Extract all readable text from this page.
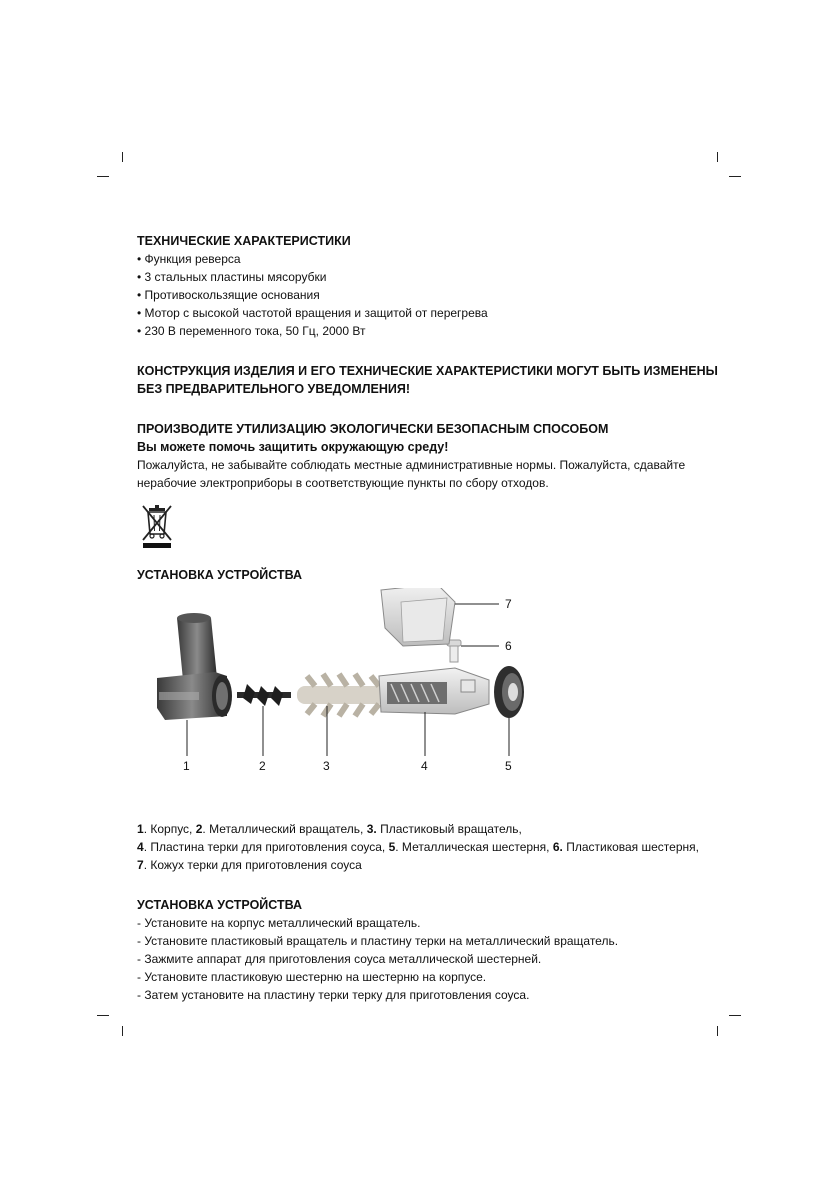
ТЕХНИЧЕСКИЕ ХАРАКТЕРИСТИКИ

• Функция реверса
• 3 стальных пластины мясорубки
• Противоскользящие основания
• Мотор с высокой частотой вращения и защитой от перегрева
• 230 В переменного тока, 50 Гц, 2000 Вт

КОНСТРУКЦИЯ ИЗДЕЛИЯ И ЕГО ТЕХНИЧЕСКИЕ ХАРАКТЕРИСТИКИ МОГУТ БЫТЬ ИЗМЕНЕНЫ

БЕЗ ПРЕДВАРИТЕЛЬНОГО УВЕДОМЛЕНИЯ!

ПРОИЗВОДИТЕ УТИЛИЗАЦИЮ ЭКОЛОГИЧЕСКИ БЕЗОПАСНЫМ СПОСОБОМ

Вы можете помочь защитить окружающую среду!

Пожалуйста, не забывайте соблюдать местные административные нормы. Пожалуйста, сдавайте

нерабочие электроприборы в соответствующие пункты по сбору отходов.

УСТАНОВКА УСТРОЙСТВА

1	2	3	4	5
6
7

1. Корпус, 2. Металлический вращатель, 3. Пластиковый вращатель,

4. Пластина терки для приготовления соуса, 5. Металлическая шестерня, 6. Пластиковая шестерня,

7. Кожух терки для приготовления соуса

УСТАНОВКА УСТРОЙСТВА

- Установите на корпус металлический вращатель.
- Установите пластиковый вращатель и пластину терки на металлический вращатель.
- Зажмите аппарат для приготовления соуса металлической шестерней.
- Установите пластиковую шестерню на шестерню на корпусе.
- Затем установите на пластину терки терку для приготовления соуса.
